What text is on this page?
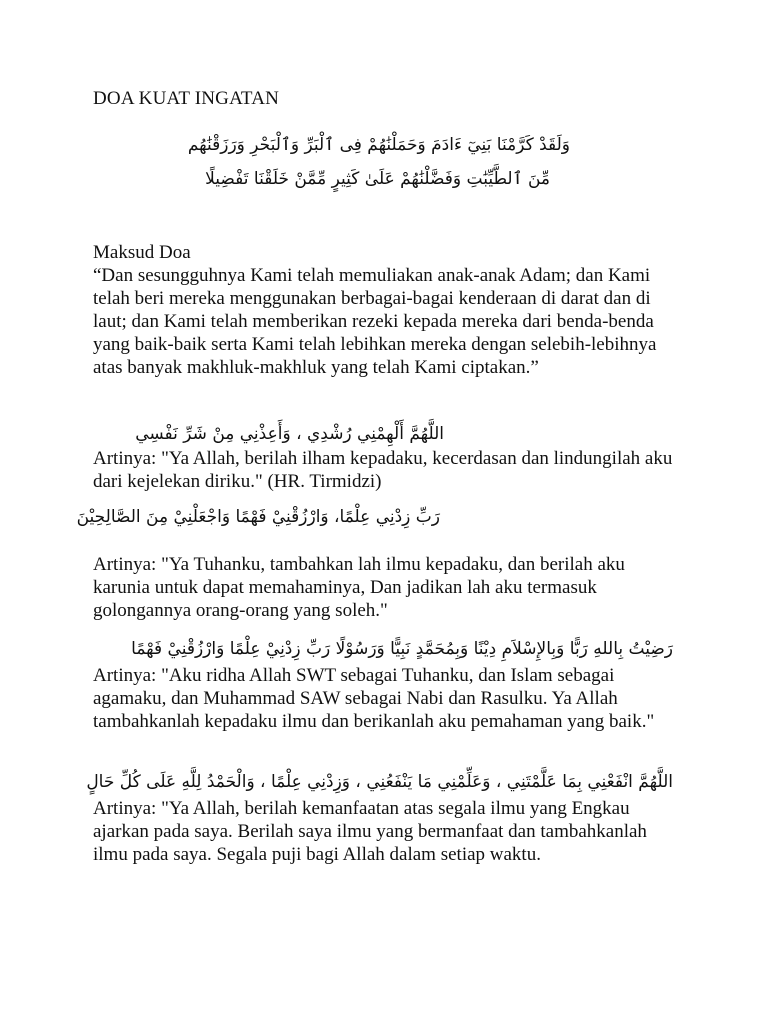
DOA KUAT INGATAN
وَلَقَدْ كَرَّمْنَا بَنِيٓ ءَادَمَ وَحَمَلْنَٰهُمْ فِى ٱلْبَرِّ وَٱلْبَحْرِ وَرَزَقْنَٰهُم
مِّنَ ٱلطَّيِّبَٰتِ وَفَضَّلْنَٰهُمْ عَلَىٰ كَثِيرٍ مِّمَّنْ خَلَقْنَا تَفْضِيلًا
Maksud Doa
“Dan sesungguhnya Kami telah memuliakan anak-anak Adam; dan Kami telah beri mereka menggunakan berbagai-bagai kenderaan di darat dan di laut; dan Kami telah memberikan rezeki kepada mereka dari benda-benda yang baik-baik serta Kami telah lebihkan mereka dengan selebih-lebihnya atas banyak makhluk-makhluk yang telah Kami ciptakan.”
اللَّهُمَّ أَلْهِمْنِي رُشْدِي ، وَأَعِذْنِي مِنْ شَرِّ نَفْسِي
Artinya: "Ya Allah, berilah ilham kepadaku, kecerdasan dan lindungilah aku dari kejelekan diriku." (HR. Tirmidzi)
رَبِّ زِدْنِي عِلْمًا، وَارْزُقْنِيْ فَهْمًا وَاجْعَلْنِيْ مِنَ الصَّالِحِيْنَ
Artinya: "Ya Tuhanku, tambahkan lah ilmu kepadaku, dan berilah aku karunia untuk dapat memahaminya, Dan jadikan lah aku termasuk golongannya orang-orang yang soleh."
رَضِيْتُ بِاللهِ رَبًّا وَبِالإِسْلاَمِ دِيْنًا وَبِمُحَمَّدٍ نَبِيًّا وَرَسُوْلًا رَبِّ زِدْنِيْ عِلْمًا وَارْزُقْنِيْ فَهْمًا
Artinya: "Aku ridha Allah SWT sebagai Tuhanku, dan Islam sebagai agamaku, dan Muhammad SAW sebagai Nabi dan Rasulku. Ya Allah tambahkanlah kepadaku ilmu dan berikanlah aku pemahaman yang baik."
اللَّهُمَّ انْفَعْنِي بِمَا عَلَّمْتَنِي ، وَعَلِّمْنِي مَا يَنْفَعُنِي ، وَزِدْنِي عِلْمًا ، وَالْحَمْدُ لِلَّهِ عَلَى كُلِّ حَالٍ
Artinya: "Ya Allah, berilah kemanfaatan atas segala ilmu yang Engkau ajarkan pada saya. Berilah saya ilmu yang bermanfaat dan tambahkanlah ilmu pada saya. Segala puji bagi Allah dalam setiap waktu.
